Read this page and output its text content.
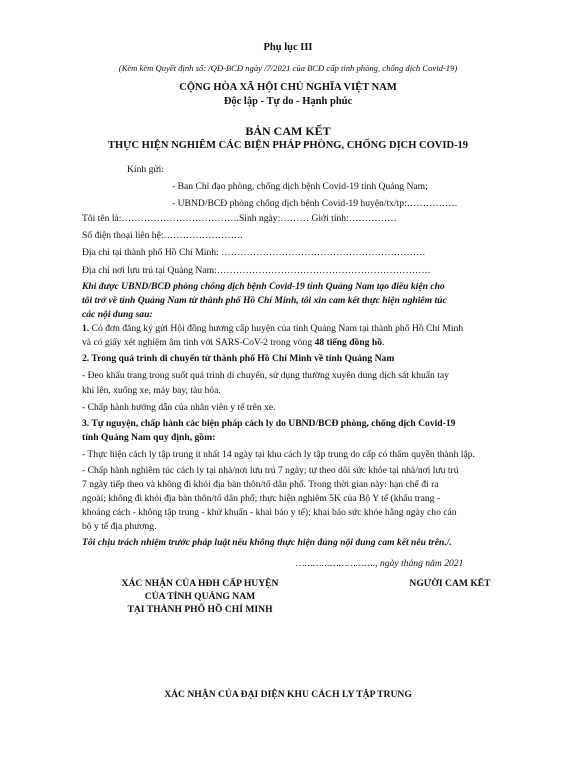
Phụ lục III
(Kèm kèm Quyết định số: /QĐ-BCĐ ngày /7/2021 của BCĐ cấp tỉnh phòng, chống dịch Covid-19)
CỘNG HÒA XÃ HỘI CHỦ NGHĨA VIỆT NAM
Độc lập - Tự do - Hạnh phúc
BẢN CAM KẾT
THỰC HIỆN NGHIÊM CÁC BIỆN PHÁP PHÒNG, CHỐNG DỊCH COVID-19
Kính gửi:
- Ban Chỉ đạo phòng, chống dịch bệnh Covid-19 tỉnh Quảng Nam;
- UBND/BCĐ phòng chống dịch bệnh Covid-19 huyện/tx/tp:…………….
Tôi tên là:……………………………….Sinh ngày:……… Giới tính:……………
Số điện thoại liên hệ:…………………….
Địa chỉ tại thành phố Hồ Chí Minh: ……………………………………………………….
Địa chỉ nơi lưu trú tại Quảng Nam:………………………………………………………….
Khi được UBND/BCĐ phòng chống dịch bệnh Covid-19 tỉnh Quảng Nam tạo điều kiện cho
tôi trở về tỉnh Quảng Nam từ thành phố Hồ Chí Minh, tôi xin cam kết thực hiện nghiêm túc
các nội dung sau:
1. Có đơn đăng ký gửi Hội đồng hương cấp huyện của tỉnh Quảng Nam tại thành phố Hồ Chí Minh
và có giấy xét nghiệm âm tính với SARS-CoV-2 trong vòng 48 tiếng đồng hồ.
2. Trong quá trình di chuyển từ thành phố Hồ Chí Minh về tỉnh Quảng Nam
- Đeo khẩu trang trong suốt quá trình di chuyển, sử dụng thường xuyên dung dịch sát khuẩn tay
khi lên, xuống xe, máy bay, tàu hỏa.
- Chấp hành hướng dẫn của nhân viên y tế trên xe.
3. Tự nguyện, chấp hành các biện pháp cách ly do UBND/BCĐ phòng, chống dịch Covid-19
tỉnh Quảng Nam quy định, gồm:
- Thực hiện cách ly tập trung ít nhất 14 ngày tại khu cách ly tập trung do cấp có thẩm quyền thành lập.
- Chấp hành nghiêm túc cách ly tại nhà/nơi lưu trú 7 ngày; tự theo dõi sức khỏe tại nhà/nơi lưu trú
7 ngày tiếp theo và không đi khỏi địa bàn thôn/tổ dân phố. Trong thời gian này: hạn chế đi ra
ngoài; không đi khỏi địa bàn thôn/tổ dân phố; thực hiện nghiêm 5K của Bộ Y tế (khẩu trang -
khoảng cách - không tập trung - khử khuẩn - khai báo y tế); khai báo sức khỏe hằng ngày cho cán
bộ y tế địa phương.
Tôi chịu trách nhiệm trước pháp luật nếu không thực hiện đúng nội dung cam kết nêu trên./.
………………………., ngày tháng năm 2021
XÁC NHẬN CỦA HĐH CẤP HUYỆN
CỦA TỈNH QUẢNG NAM
TẠI THÀNH PHỐ HỒ CHÍ MINH
NGƯỜI CAM KẾT
XÁC NHẬN CỦA ĐẠI DIỆN KHU CÁCH LY TẬP TRUNG
